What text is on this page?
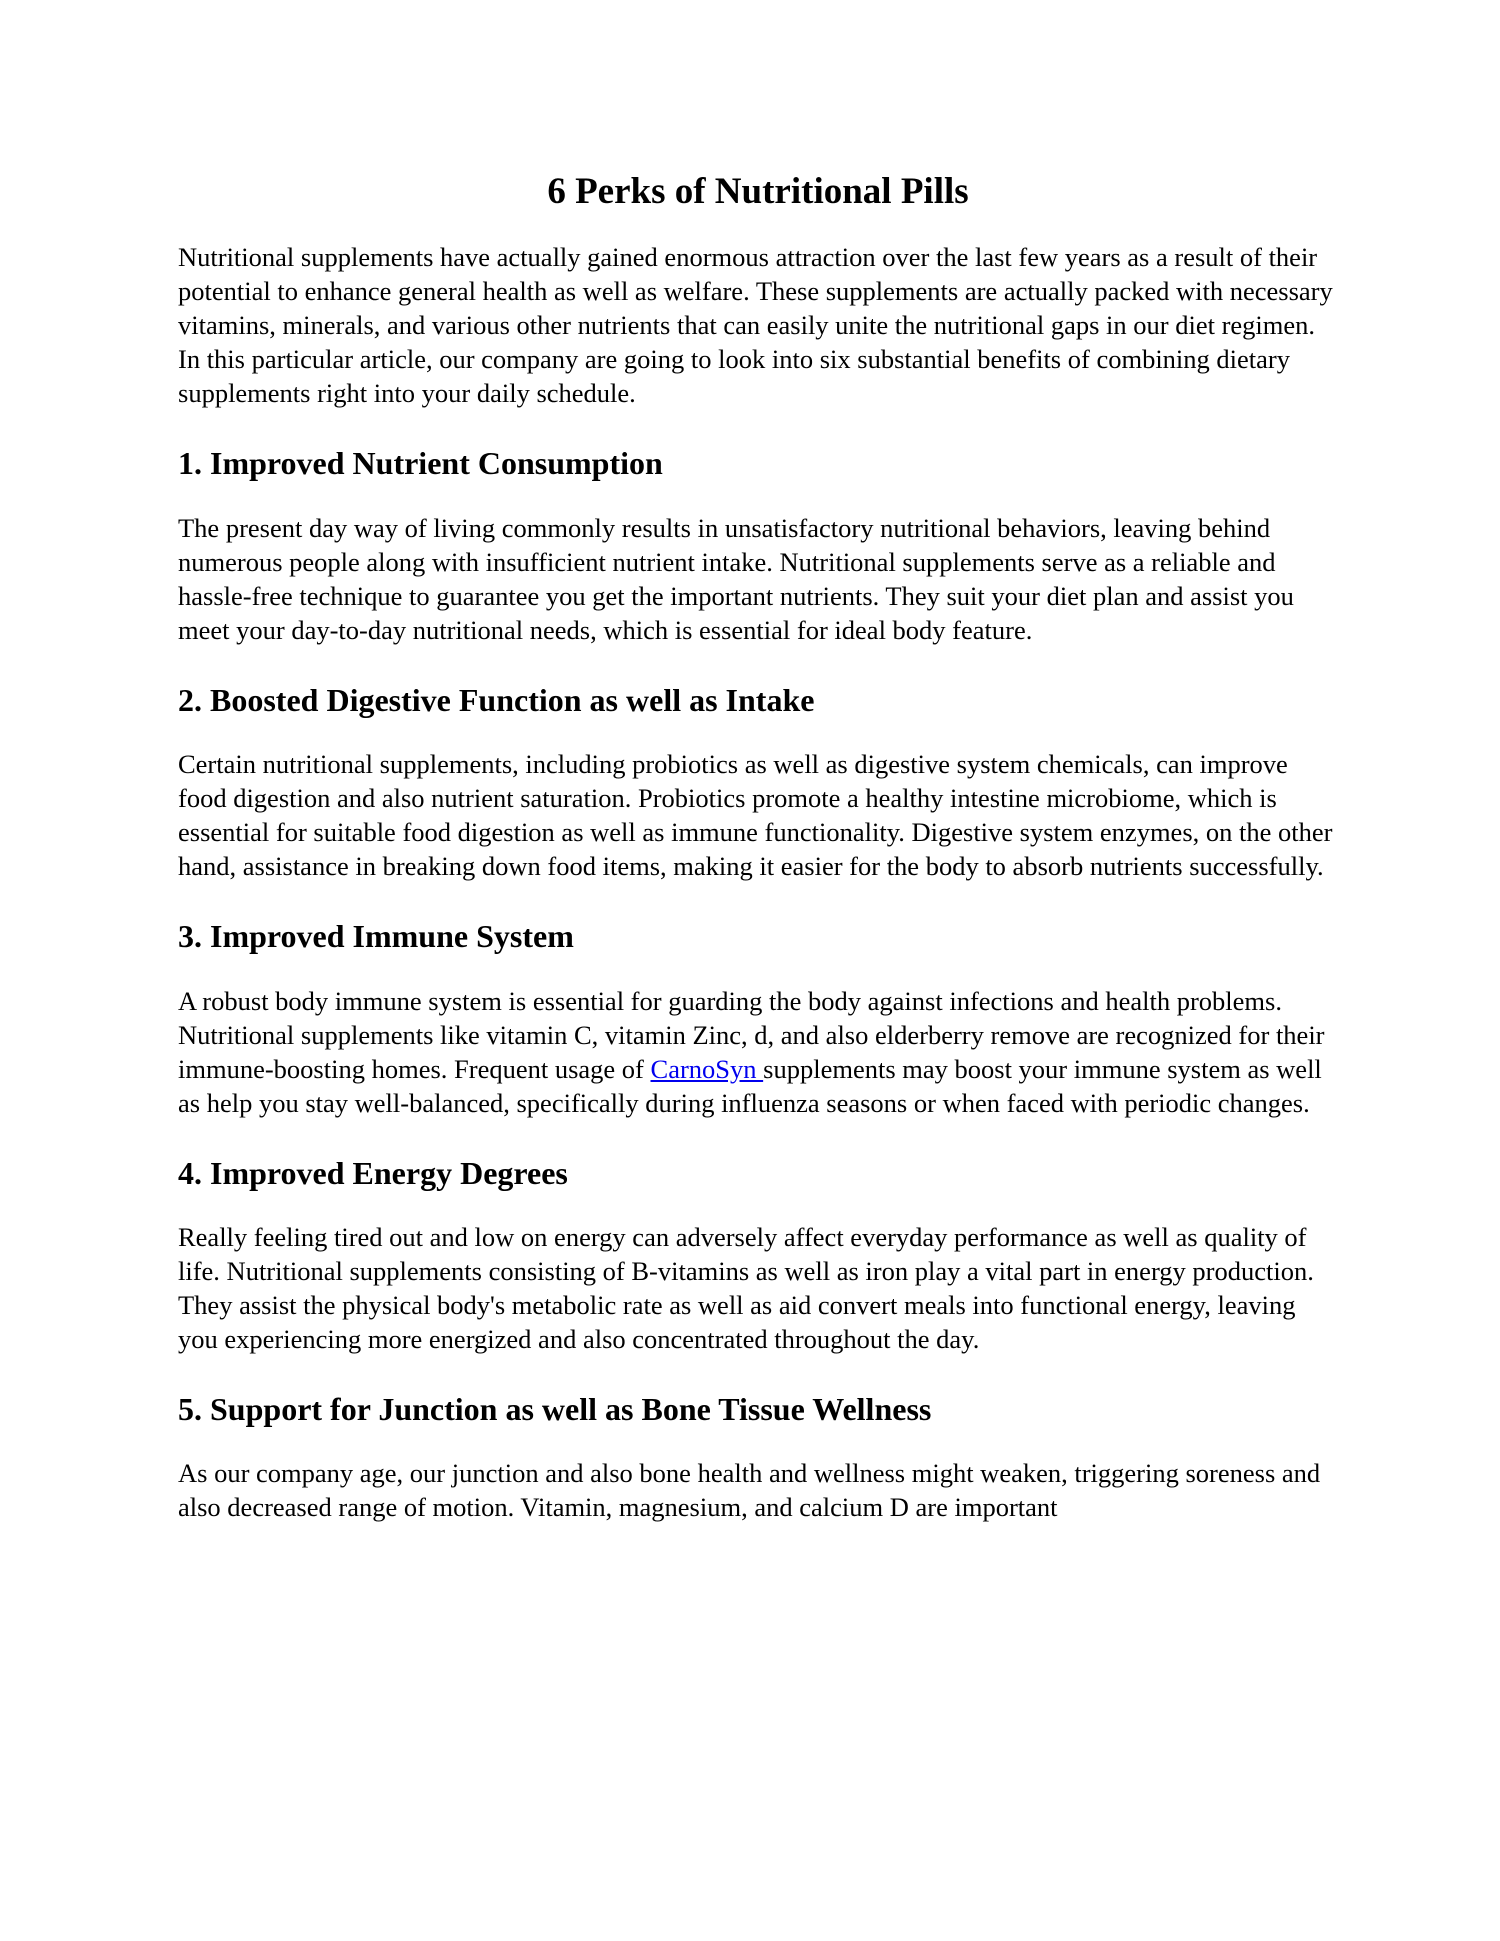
6 Perks of Nutritional Pills

Nutritional supplements have actually gained enormous attraction over the last few years as a result of their potential to enhance general health as well as welfare. These supplements are actually packed with necessary vitamins, minerals, and various other nutrients that can easily unite the nutritional gaps in our diet regimen. In this particular article, our company are going to look into six substantial benefits of combining dietary supplements right into your daily schedule.

1. Improved Nutrient Consumption

The present day way of living commonly results in unsatisfactory nutritional behaviors, leaving behind numerous people along with insufficient nutrient intake. Nutritional supplements serve as a reliable and hassle-free technique to guarantee you get the important nutrients. They suit your diet plan and assist you meet your day-to-day nutritional needs, which is essential for ideal body feature.

2. Boosted Digestive Function as well as Intake

Certain nutritional supplements, including probiotics as well as digestive system chemicals, can improve food digestion and also nutrient saturation. Probiotics promote a healthy intestine microbiome, which is essential for suitable food digestion as well as immune functionality. Digestive system enzymes, on the other hand, assistance in breaking down food items, making it easier for the body to absorb nutrients successfully.

3. Improved Immune System

A robust body immune system is essential for guarding the body against infections and health problems. Nutritional supplements like vitamin C, vitamin Zinc, d, and also elderberry remove are recognized for their immune-boosting homes. Frequent usage of CarnoSyn supplements may boost your immune system as well as help you stay well-balanced, specifically during influenza seasons or when faced with periodic changes.

4. Improved Energy Degrees

Really feeling tired out and low on energy can adversely affect everyday performance as well as quality of life. Nutritional supplements consisting of B-vitamins as well as iron play a vital part in energy production. They assist the physical body's metabolic rate as well as aid convert meals into functional energy, leaving you experiencing more energized and also concentrated throughout the day.

5. Support for Junction as well as Bone Tissue Wellness

As our company age, our junction and also bone health and wellness might weaken, triggering soreness and also decreased range of motion. Vitamin, magnesium, and calcium D are important
